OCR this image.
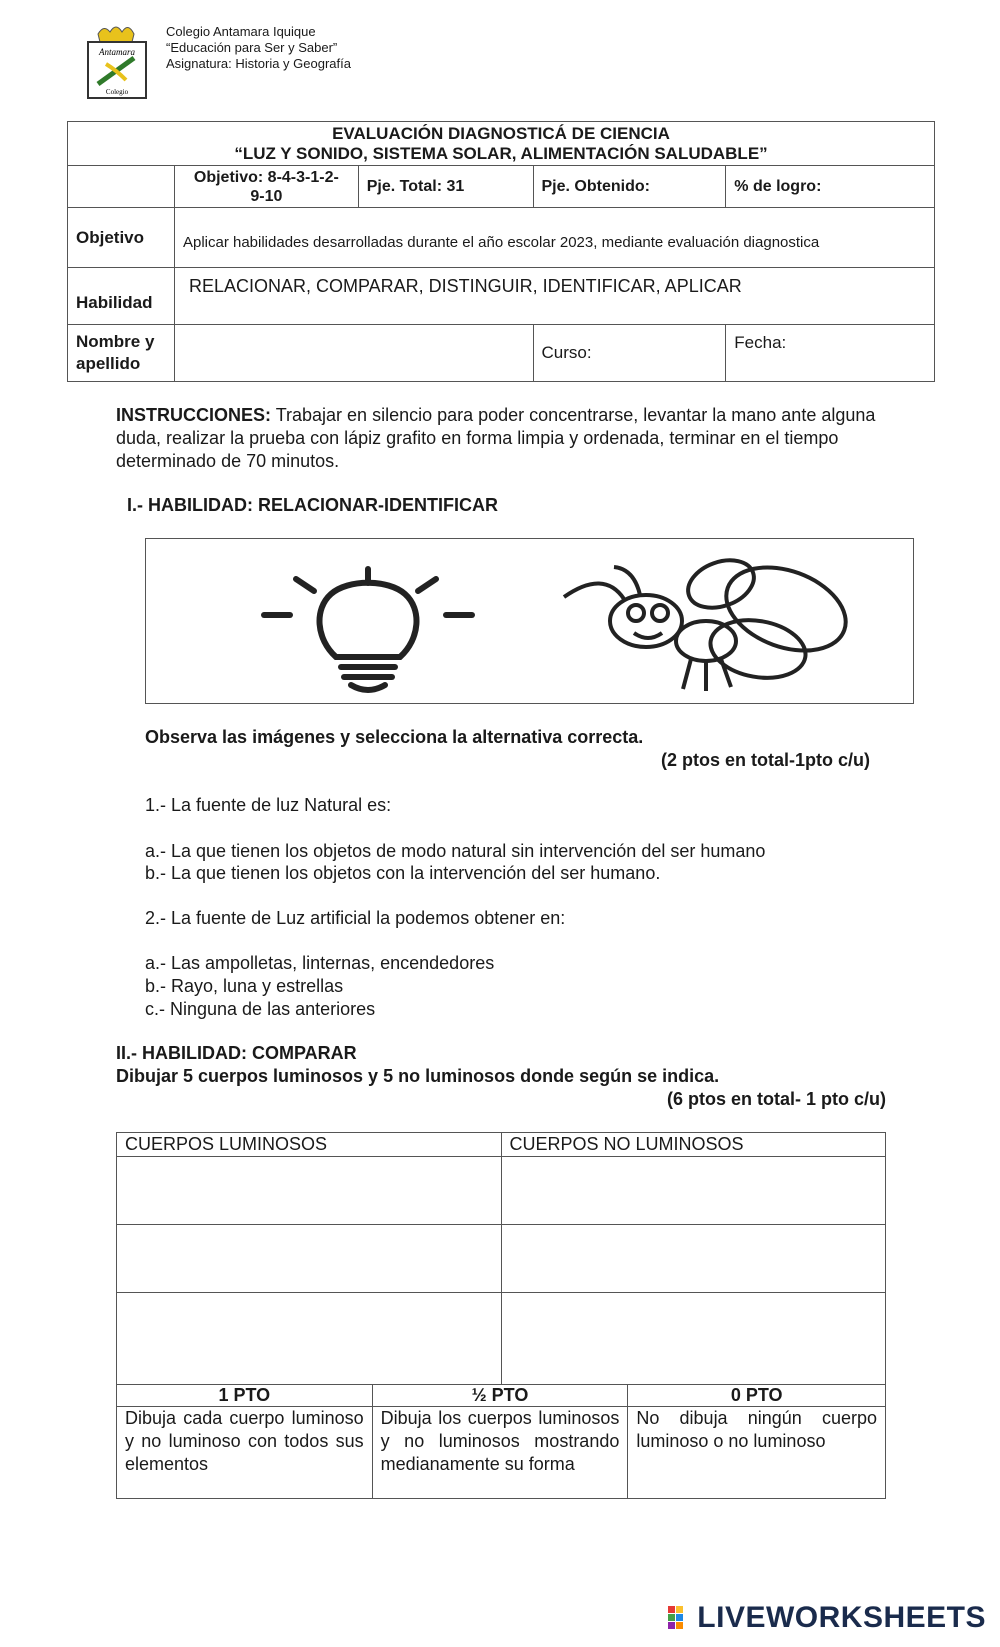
Antamara
Colegio
Colegio Antamara Iquique
“Educación para Ser y Saber”
Asignatura: Historia y Geografía
EVALUACIÓN DIAGNOSTICÁ DE CIENCIA
“LUZ Y SONIDO, SISTEMA SOLAR, ALIMENTACIÓN SALUDABLE”				

	Objetivo: 8-4-3-1-2-
9-10	Pje. Total: 31	Pje. Obtenido:	% de logro:
Objetivo	Aplicar habilidades desarrolladas durante el año escolar 2023, mediante evaluación diagnostica			
Habilidad	RELACIONAR, COMPARAR, DISTINGUIR, IDENTIFICAR, APLICAR			

Nombre y
apellido			Curso:	Fecha:
INSTRUCCIONES: Trabajar en silencio para poder concentrarse, levantar la mano ante alguna duda, realizar la prueba con lápiz grafito en forma limpia y ordenada, terminar en el tiempo determinado de 70 minutos.
I.- HABILIDAD: RELACIONAR-IDENTIFICAR
Observa las imágenes y selecciona la alternativa correcta.
(2 ptos en total-1pto c/u)
1.- La fuente de luz Natural es:
a.- La que tienen los objetos de modo natural sin intervención del ser humano
b.- La que tienen los objetos con la intervención del ser humano.
2.- La fuente de Luz artificial la podemos obtener en:
a.- Las ampolletas, linternas, encendedores
b.- Rayo, luna y estrellas
c.- Ninguna de las anteriores
II.- HABILIDAD: COMPARAR
Dibujar 5 cuerpos luminosos y 5 no luminosos donde según se indica.
(6 ptos en total- 1 pto c/u)
CUERPOS LUMINOSOS	CUERPOS NO LUMINOSOS

1 PTO	½ PTO	0 PTO
Dibuja cada cuerpo luminoso y no luminoso con todos sus elementos	Dibuja los cuerpos luminosos y no luminosos mostrando medianamente su forma	No dibuja ningún cuerpo luminoso o no luminoso
LIVEWORKSHEETS
